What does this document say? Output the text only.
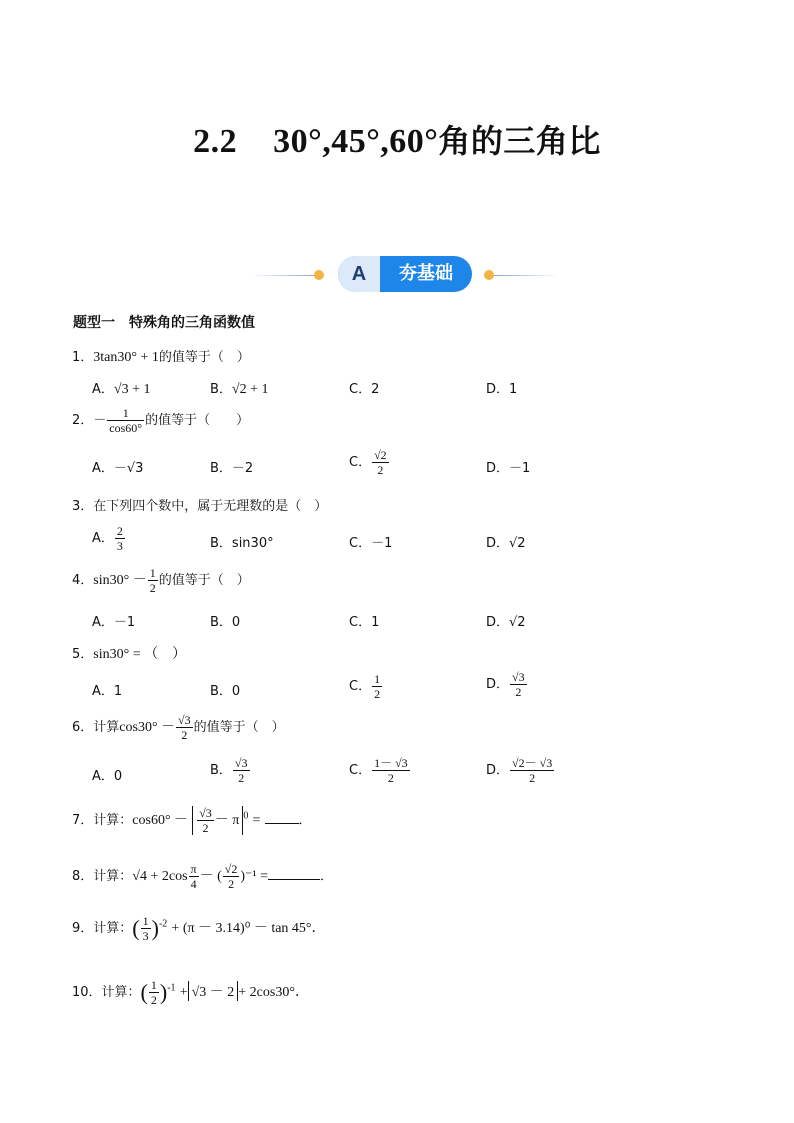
2.2 30°,45°,60°角的三角比
A	夯基础
题型一　特殊角的三角函数值
1．3tan30° + 1的值等于（　）
A．√3 + 1	B．√2 + 1	C．2	D．1
2．－ $\frac{1}{\cos 60^\circ}$ 的值等于（　　）
A．－√3	B．－2	C． $\frac{√2}{2}$	D．－1
3．在下列四个数中，属于无理数的是（　）
A． $\frac{2}{3}$	B．sin30°	C．－1	D．√2
4．$\sin 30^\circ - \frac{1}{2}$ 的值等于（　）
A．－1	B．0	C．1	D．√2
5．sin30° = （　）
A．1	B．0	C． $\frac{1}{2}$	D． $\frac{√3}{2}$
6．计算$\cos 30^\circ - \frac{√3}{2}$ 的值等于（　）
A．0	B． $\frac{√3}{2}$	C． $\frac{1- √3}{2}$	D． $\frac{√2- √3}{2}$
7．计算：$\cos 60^\circ - \frac{√3}{2} - \pi$ $^0$ =	．
8．计算：$√4 + 2\cos \frac{\pi}{4}$ － ( $\frac{√2}{2} )^{-1}$ =	．
9．计算：( $\frac{1}{3} )^{-2} + (\pi - 3.14)^0 - \tan 45^\circ$．
10．计算：( $\frac{1}{2} )^{-1} + √3 - 2 + 2\cos 30^\circ$．
